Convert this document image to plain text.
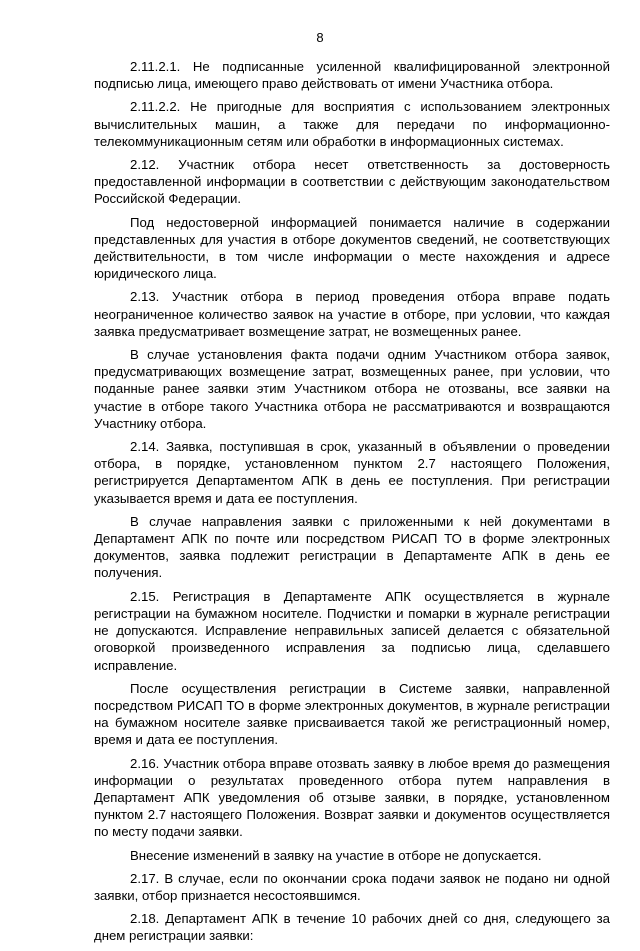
8

2.11.2.1. Не подписанные усиленной квалифицированной электронной подписью лица, имеющего право действовать от имени Участника отбора.

2.11.2.2. Не пригодные для восприятия с использованием электронных вычислительных машин, а также для передачи по информационно-телекоммуникационным сетям или обработки в информационных системах.

2.12. Участник отбора несет ответственность за достоверность предоставленной информации в соответствии с действующим законодательством Российской Федерации.

Под недостоверной информацией понимается наличие в содержании представленных для участия в отборе документов сведений, не соответствующих действительности, в том числе информации о месте нахождения и адресе юридического лица.

2.13. Участник отбора в период проведения отбора вправе подать неограниченное количество заявок на участие в отборе, при условии, что каждая заявка предусматривает возмещение затрат, не возмещенных ранее.

В случае установления факта подачи одним Участником отбора заявок, предусматривающих возмещение затрат, возмещенных ранее, при условии, что поданные ранее заявки этим Участником отбора не отозваны, все заявки на участие в отборе такого Участника отбора не рассматриваются и возвращаются Участнику отбора.

2.14. Заявка, поступившая в срок, указанный в объявлении о проведении отбора, в порядке, установленном пунктом 2.7 настоящего Положения, регистрируется Департаментом АПК в день ее поступления. При регистрации указывается время и дата ее поступления.

В случае направления заявки с приложенными к ней документами в Департамент АПК по почте или посредством РИСАП ТО в форме электронных документов, заявка подлежит регистрации в Департаменте АПК в день ее получения.

2.15. Регистрация в Департаменте АПК осуществляется в журнале регистрации на бумажном носителе. Подчистки и помарки в журнале регистрации не допускаются. Исправление неправильных записей делается с обязательной оговоркой произведенного исправления за подписью лица, сделавшего исправление.

После осуществления регистрации в Системе заявки, направленной посредством РИСАП ТО в форме электронных документов, в журнале регистрации на бумажном носителе заявке присваивается такой же регистрационный номер, время и дата ее поступления.

2.16. Участник отбора вправе отозвать заявку в любое время до размещения информации о результатах проведенного отбора путем направления в Департамент АПК уведомления об отзыве заявки, в порядке, установленном пунктом 2.7 настоящего Положения. Возврат заявки и документов осуществляется по месту подачи заявки.

Внесение изменений в заявку на участие в отборе не допускается.

2.17. В случае, если по окончании срока подачи заявок не подано ни одной заявки, отбор признается несостоявшимся.

2.18. Департамент АПК в течение 10 рабочих дней со дня, следующего за днем регистрации заявки:
